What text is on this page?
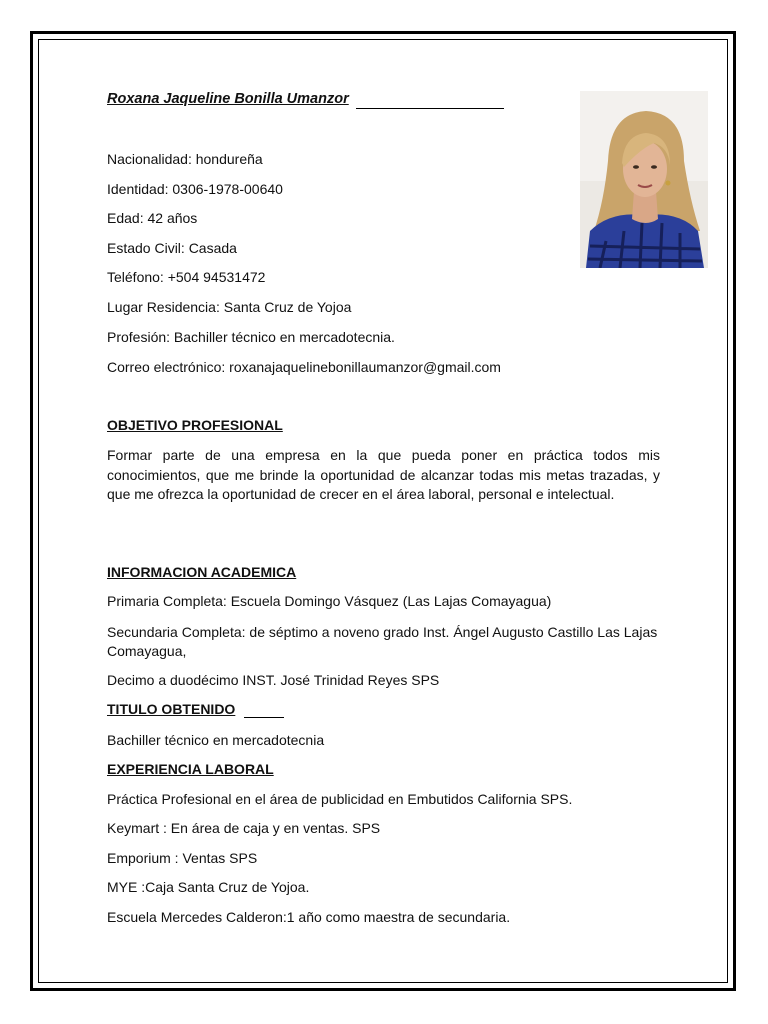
Roxana Jaqueline Bonilla Umanzor
Nacionalidad: hondureña
Identidad: 0306-1978-00640
Edad: 42 años
Estado Civil: Casada
Teléfono: +504 94531472
Lugar Residencia: Santa Cruz de Yojoa
Profesión: Bachiller técnico en mercadotecnia.
Correo electrónico: roxanajaquelinebonillaumanzor@gmail.com
OBJETIVO PROFESIONAL
Formar parte de una empresa en la que pueda poner en práctica todos mis conocimientos, que me brinde la oportunidad de alcanzar todas mis metas trazadas, y que me ofrezca la oportunidad de crecer en el área laboral, personal e intelectual.
INFORMACION ACADEMICA
Primaria Completa: Escuela Domingo Vásquez (Las Lajas Comayagua)
Secundaria Completa: de séptimo a noveno grado Inst. Ángel Augusto Castillo Las Lajas Comayagua,
Decimo a duodécimo INST. José Trinidad Reyes SPS
TITULO OBTENIDO
Bachiller técnico en mercadotecnia
EXPERIENCIA LABORAL
Práctica Profesional en el área de publicidad en Embutidos California SPS.
Keymart : En área de caja y en ventas. SPS
Emporium : Ventas SPS
MYE :Caja Santa Cruz de Yojoa.
Escuela Mercedes Calderon:1 año como maestra de secundaria.
